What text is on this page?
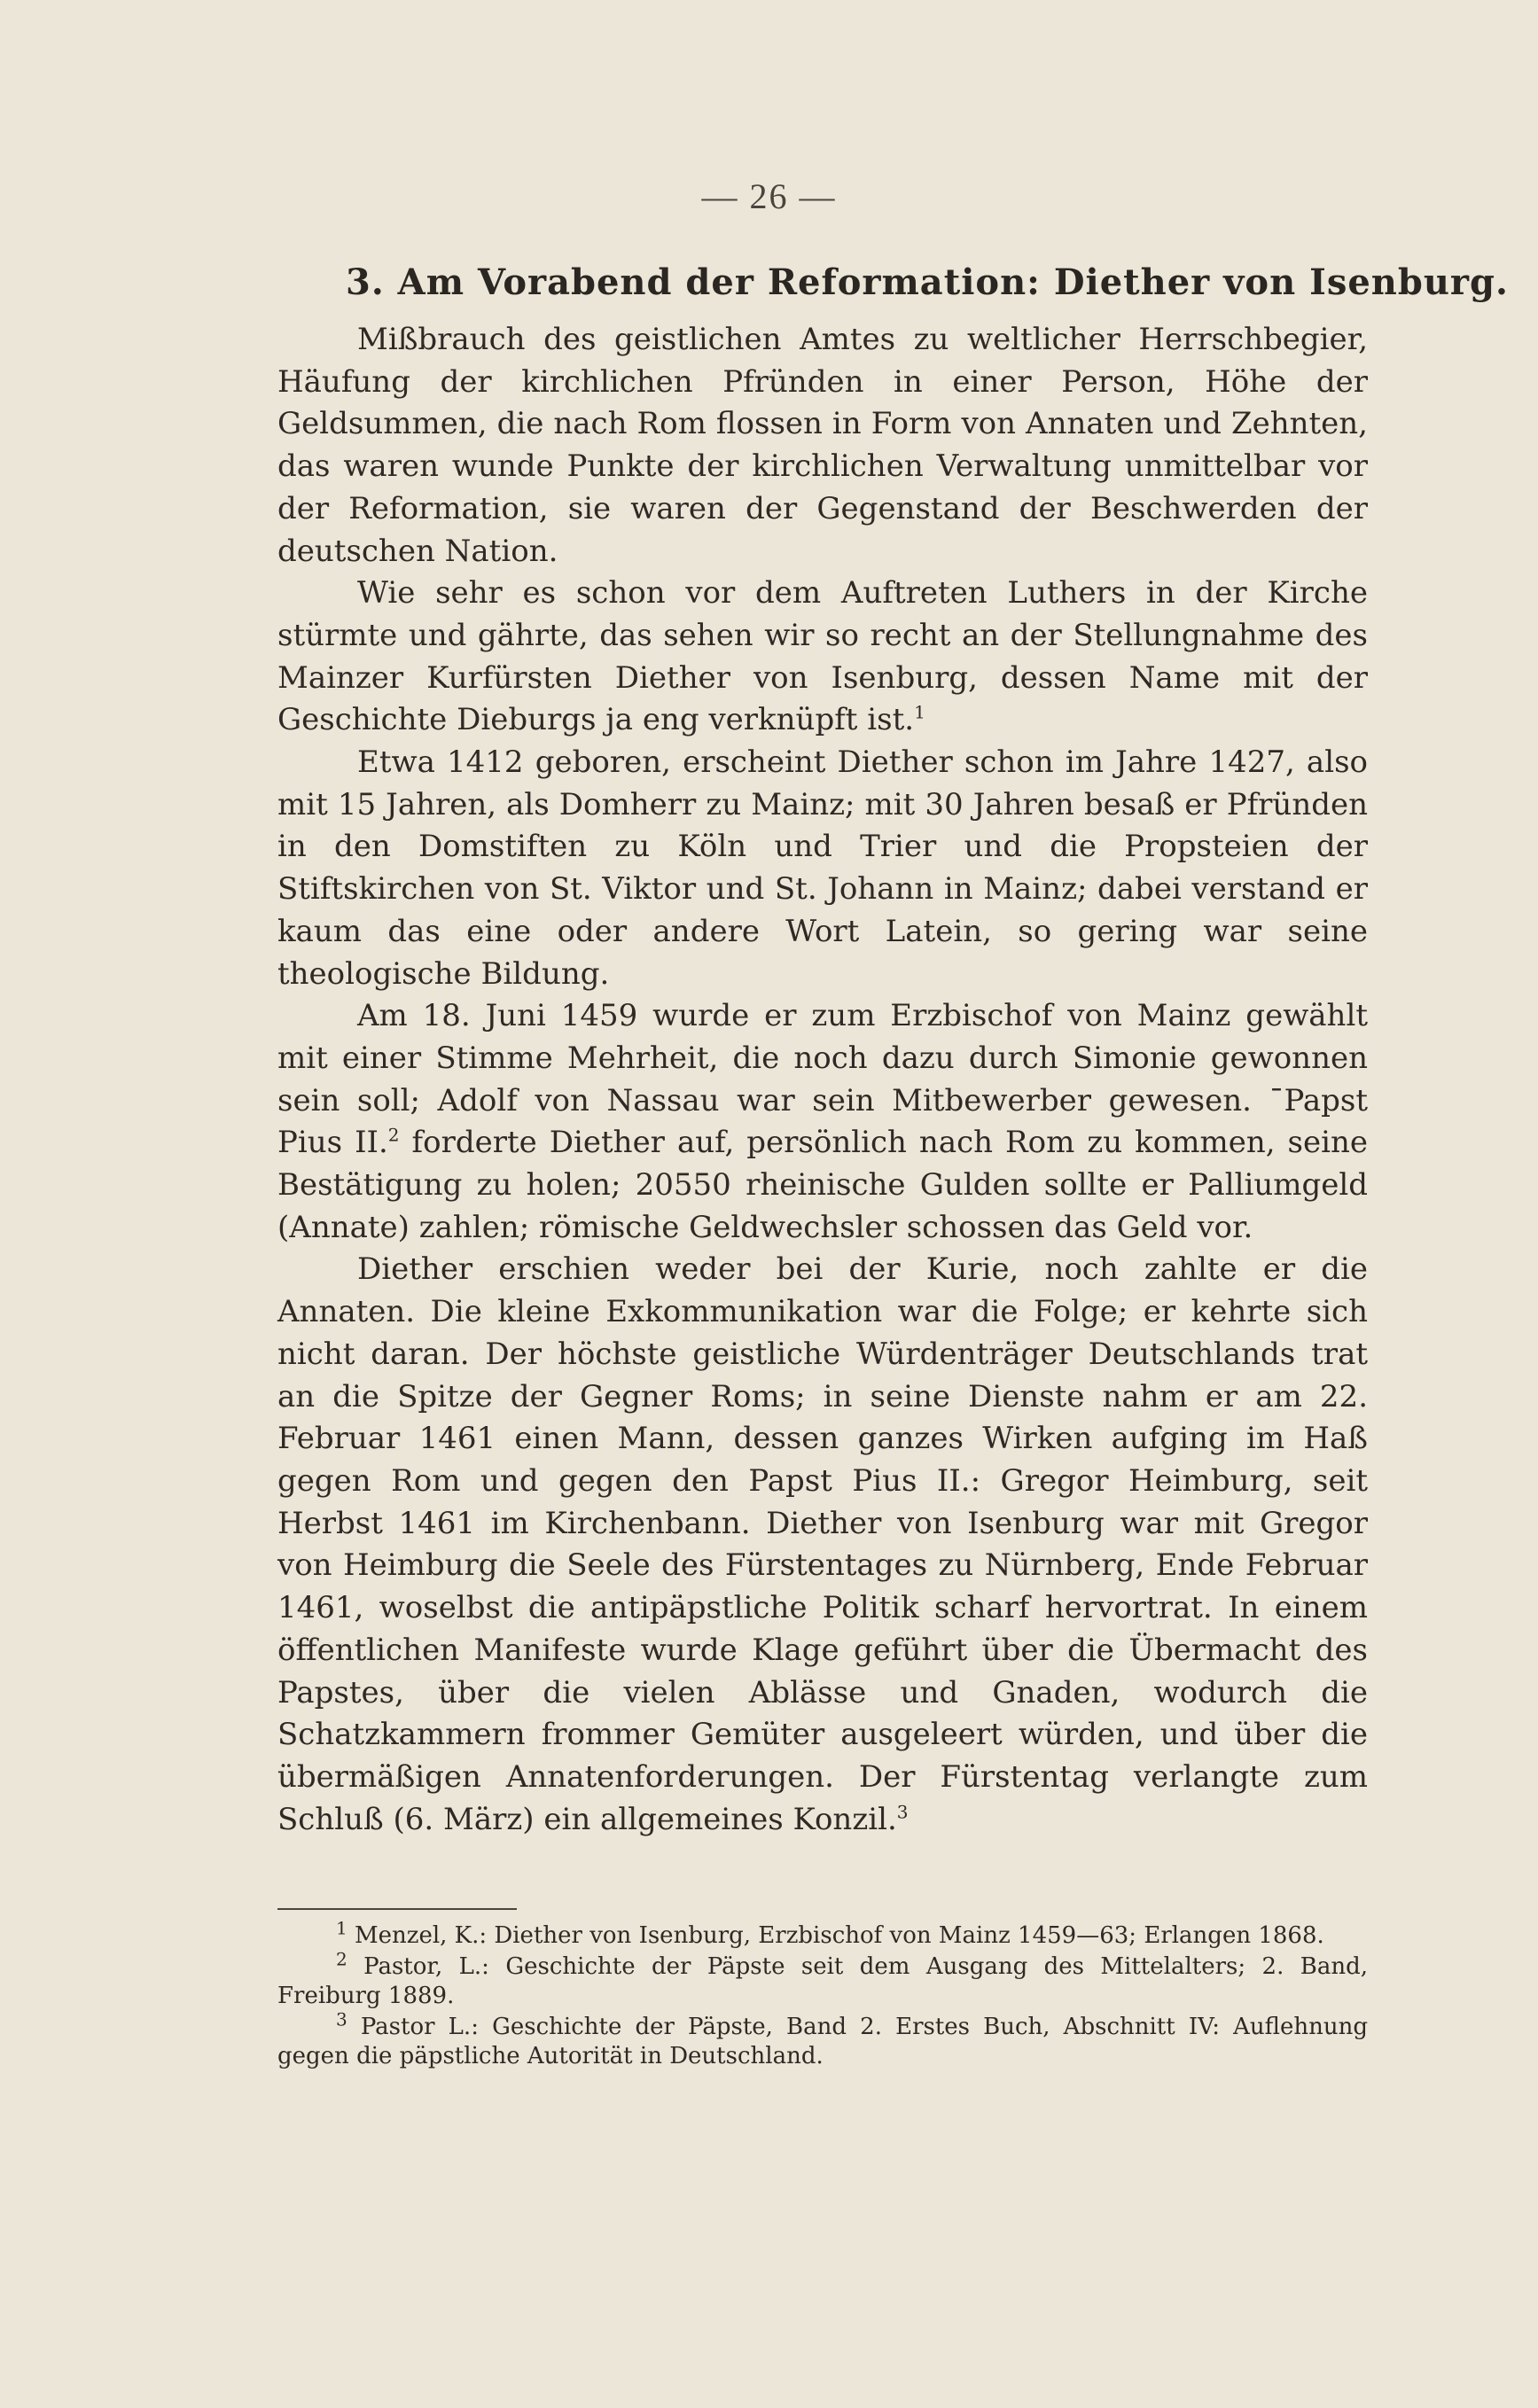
— 26 —
3. Am Vorabend der Reformation: Diether von Isenburg.

Mißbrauch des geistlichen Amtes zu weltlicher Herrschbegier, Häufung der kirchlichen Pfründen in einer Person, Höhe der Geldsummen, die nach Rom flossen in Form von Annaten und Zehnten, das waren wunde Punkte der kirchlichen Verwaltung unmittelbar vor der Reformation, sie waren der Gegenstand der Beschwerden der deutschen Nation.

Wie sehr es schon vor dem Auftreten Luthers in der Kirche stürmte und gährte, das sehen wir so recht an der Stellungnahme des Mainzer Kurfürsten Diether von Isenburg, dessen Name mit der Geschichte Dieburgs ja eng verknüpft ist.$^1$

Etwa 1412 geboren, erscheint Diether schon im Jahre 1427, also mit 15 Jahren, als Domherr zu Mainz; mit 30 Jahren besaß er Pfründen in den Domstiften zu Köln und Trier und die Propsteien der Stiftskirchen von St. Viktor und St. Johann in Mainz; dabei verstand er kaum das eine oder andere Wort Latein, so gering war seine theologische Bildung.

Am 18. Juni 1459 wurde er zum Erzbischof von Mainz gewählt mit einer Stimme Mehrheit, die noch dazu durch Simonie gewonnen sein soll; Adolf von Nassau war sein Mitbewerber gewesen. ˉPapst Pius II.$^2$ forderte Diether auf, persönlich nach Rom zu kommen, seine Bestätigung zu holen; 20550 rheinische Gulden sollte er Palliumgeld (Annate) zahlen; römische Geldwechsler schossen das Geld vor.

Diether erschien weder bei der Kurie, noch zahlte er die Annaten. Die kleine Exkommunikation war die Folge; er kehrte sich nicht daran. Der höchste geistliche Würdenträger Deutschlands trat an die Spitze der Gegner Roms; in seine Dienste nahm er am 22. Februar 1461 einen Mann, dessen ganzes Wirken aufging im Haß gegen Rom und gegen den Papst Pius II.: Gregor Heimburg, seit Herbst 1461 im Kirchenbann. Diether von Isenburg war mit Gregor von Heimburg die Seele des Fürstentages zu Nürnberg, Ende Februar 1461, woselbst die antipäpstliche Politik scharf hervortrat. In einem öffentlichen Manifeste wurde Klage geführt über die Übermacht des Papstes, über die vielen Ablässe und Gnaden, wodurch die Schatzkammern frommer Gemüter ausgeleert würden, und über die übermäßigen Annatenforderungen. Der Fürstentag verlangte zum Schluß (6. März) ein allgemeines Konzil.$^3$

$^1$ Menzel, K.: Diether von Isenburg, Erzbischof von Mainz 1459—63; Erlangen 1868.

$^2$ Pastor, L.: Geschichte der Päpste seit dem Ausgang des Mittelalters; 2. Band, Freiburg 1889.

$^3$ Pastor L.: Geschichte der Päpste, Band 2. Erstes Buch, Abschnitt IV: Auflehnung gegen die päpstliche Autorität in Deutschland.
